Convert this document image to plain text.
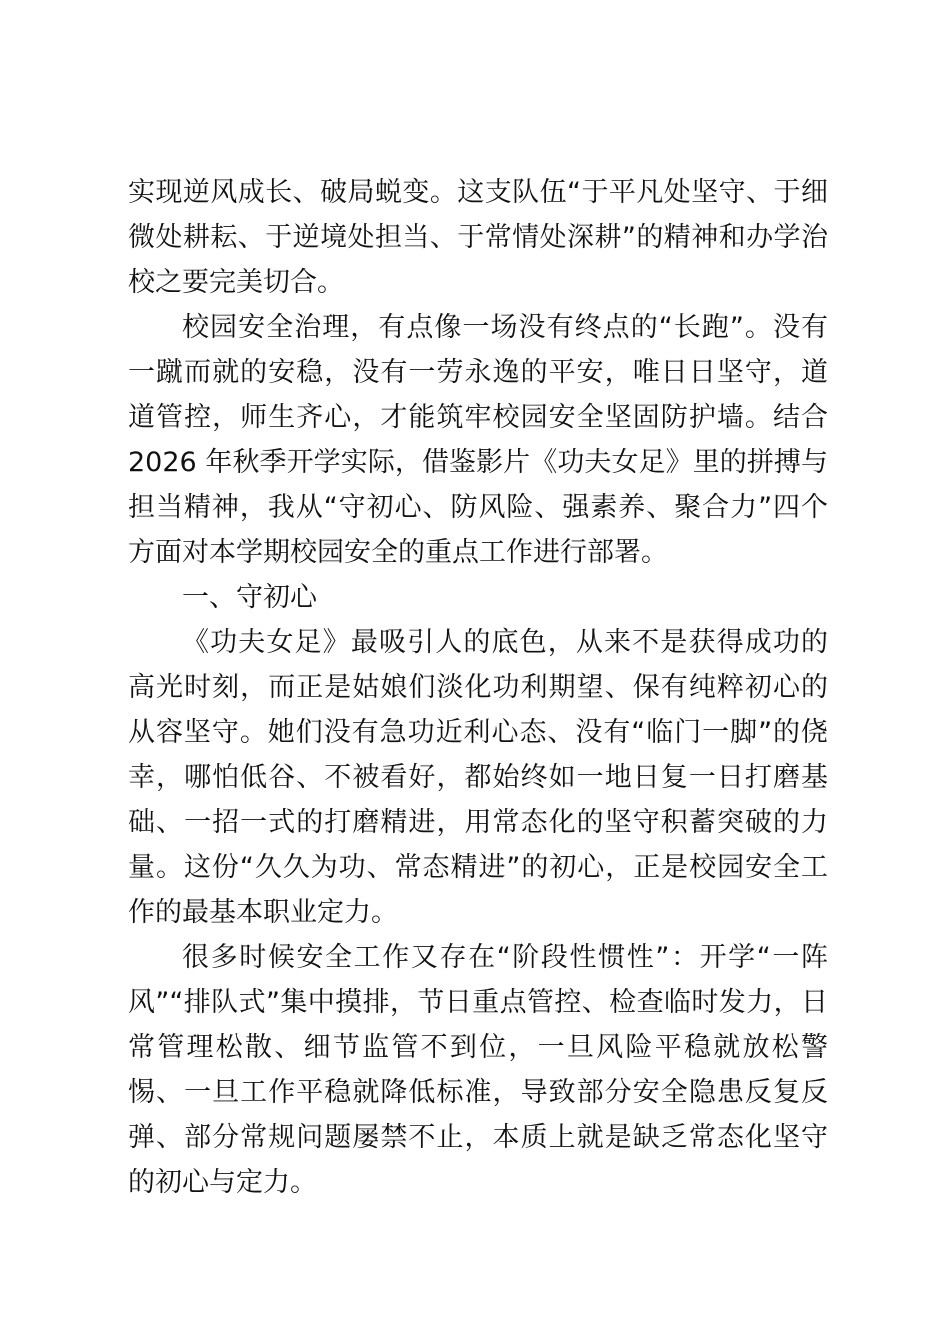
实现逆风成长、破局蜕变。这支队伍“于平凡处坚守、于细微处耕耘、于逆境处担当、于常情处深耕”的精神和办学治校之要完美切合。

校园安全治理，有点像一场没有终点的“长跑”。没有一蹴而就的安稳，没有一劳永逸的平安，唯日日坚守，道道管控，师生齐心，才能筑牢校园安全坚固防护墙。结合 2026 年秋季开学实际，借鉴影片《功夫女足》里的拼搏与担当精神，我从“守初心、防风险、强素养、聚合力”四个方面对本学期校园安全的重点工作进行部署。

一、守初心

《功夫女足》最吸引人的底色，从来不是获得成功的高光时刻，而正是姑娘们淡化功利期望、保有纯粹初心的从容坚守。她们没有急功近利心态、没有“临门一脚”的侥幸，哪怕低谷、不被看好，都始终如一地日复一日打磨基础、一招一式的打磨精进，用常态化的坚守积蓄突破的力量。这份“久久为功、常态精进”的初心，正是校园安全工作的最基本职业定力。

很多时候安全工作又存在“阶段性惯性”：开学“一阵风”“排队式”集中摸排，节日重点管控、检查临时发力，日常管理松散、细节监管不到位，一旦风险平稳就放松警惕、一旦工作平稳就降低标准，导致部分安全隐患反复反弹、部分常规问题屡禁不止，本质上就是缺乏常态化坚守的初心与定力。
